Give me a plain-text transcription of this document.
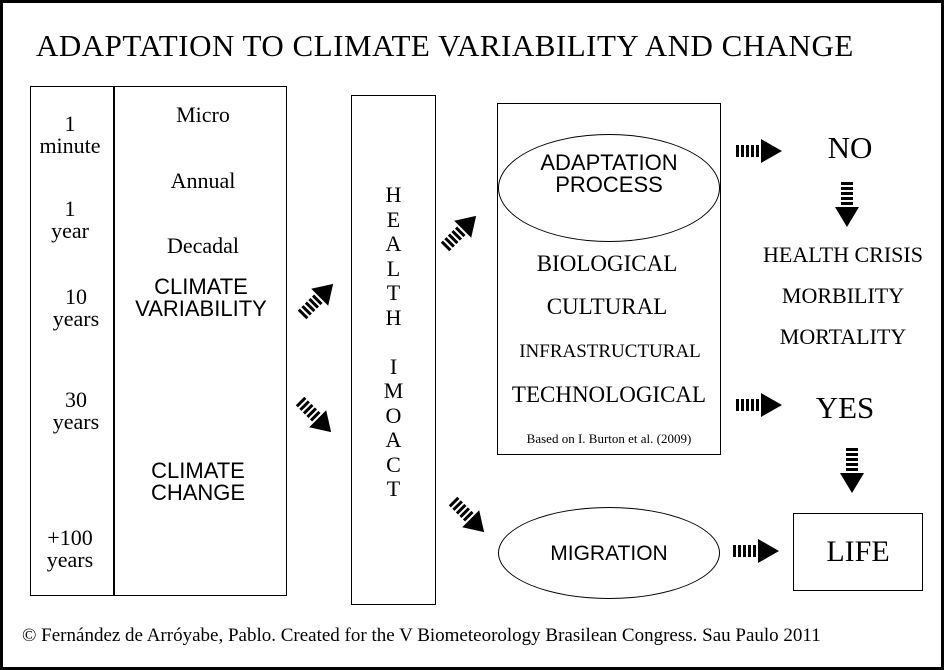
ADAPTATION TO CLIMATE VARIABILITY AND CHANGE
1
minute
1
year
10
years
30
years
+100
years
Micro
Annual
Decadal
CLIMATE
VARIABILITY
CLIMATE
CHANGE
H
E
A
L
T
H
I
M
O
A
C
T
ADAPTATION
PROCESS
BIOLOGICAL
CULTURAL
INFRASTRUCTURAL
TECHNOLOGICAL
Based on I. Burton et al. (2009)
MIGRATION
NO
HEALTH CRISIS
MORBILITY
MORTALITY
YES
LIFE
© Fernández de Arróyabe, Pablo. Created for the V Biometeorology Brasilean Congress. Sau Paulo 2011
